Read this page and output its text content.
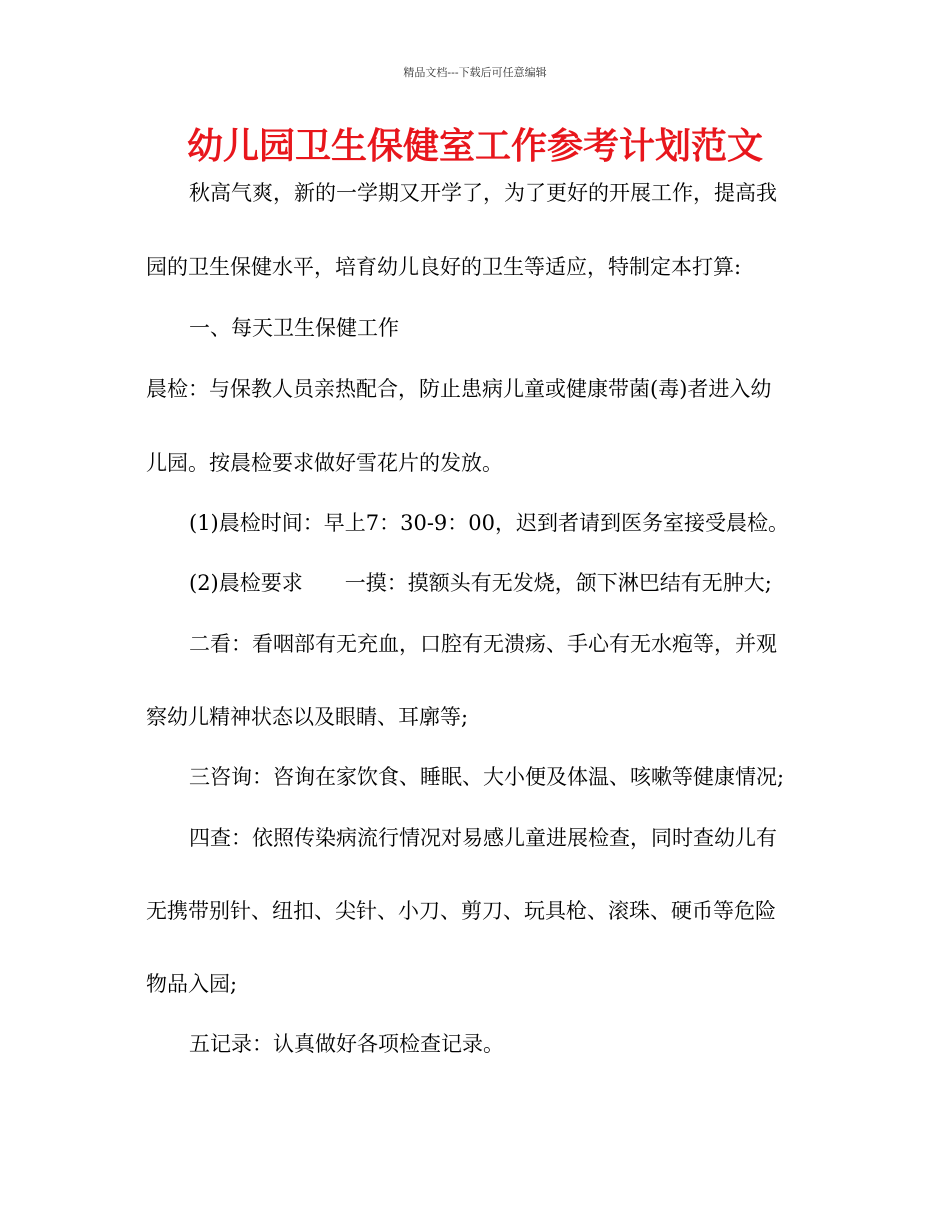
精品文档---下载后可任意编辑
幼儿园卫生保健室工作参考计划范文
秋高气爽，新的一学期又开学了，为了更好的开展工作，提高我
园的卫生保健水平，培育幼儿良好的卫生等适应，特制定本打算:
一、每天卫生保健工作
晨检：与保教人员亲热配合，防止患病儿童或健康带菌(毒)者进入幼
儿园。按晨检要求做好雪花片的发放。
(1)晨检时间：早上7：30-9：00，迟到者请到医务室接受晨检。
(2)晨检要求　　一摸：摸额头有无发烧，颌下淋巴结有无肿大;
二看：看咽部有无充血，口腔有无溃疡、手心有无水疱等，并观
察幼儿精神状态以及眼睛、耳廓等;
三咨询：咨询在家饮食、睡眠、大小便及体温、咳嗽等健康情况;
四查：依照传染病流行情况对易感儿童进展检查，同时查幼儿有
无携带别针、纽扣、尖针、小刀、剪刀、玩具枪、滚珠、硬币等危险
物品入园;
五记录：认真做好各项检查记录。
